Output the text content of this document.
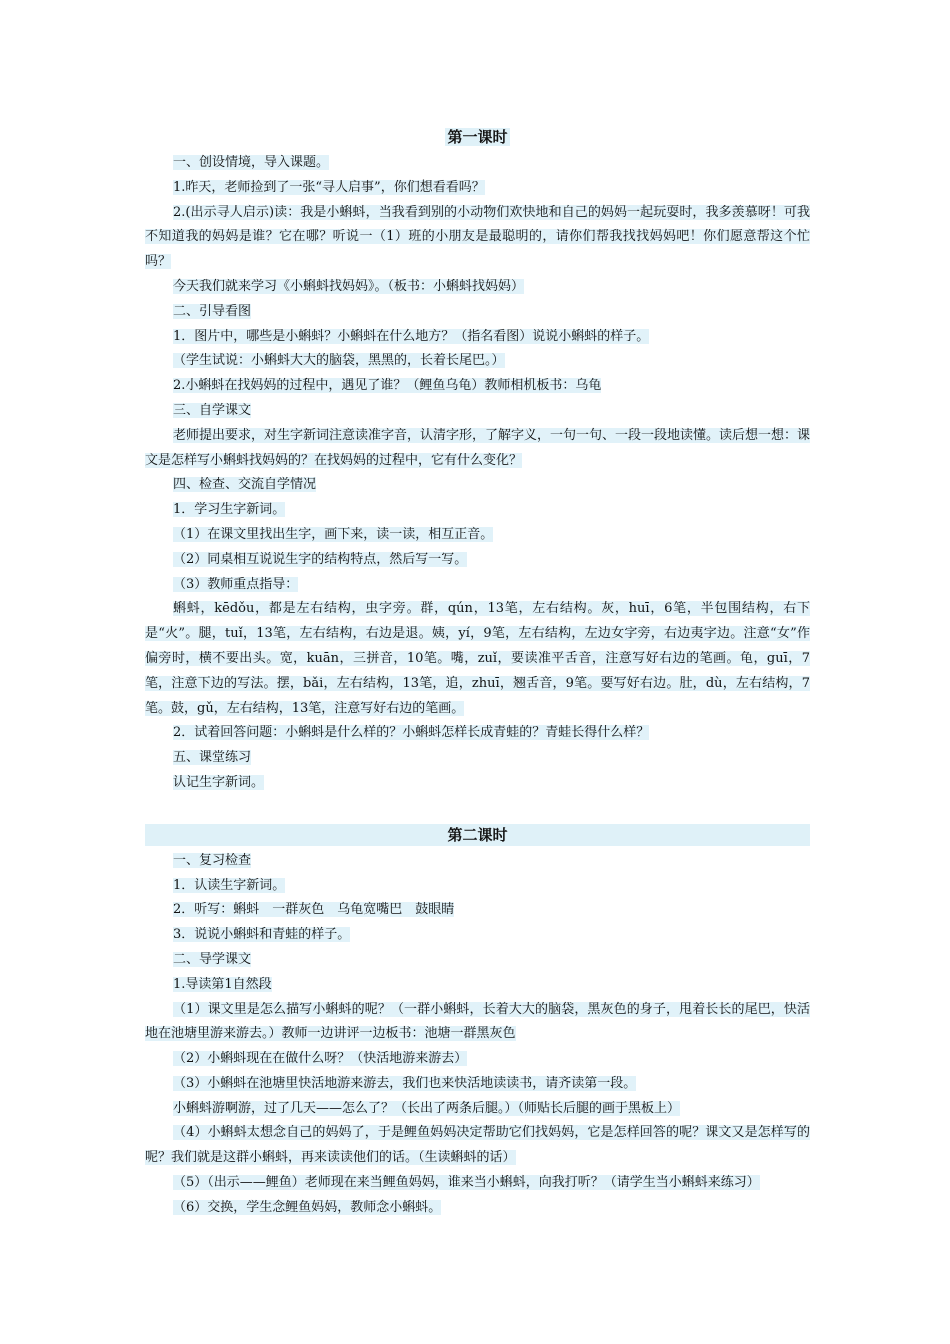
第一课时

一、创设情境，导入课题。

1.昨天，老师捡到了一张“寻人启事”，你们想看看吗？

2.(出示寻人启示)读：我是小蝌蚪，当我看到别的小动物们欢快地和自己的妈妈一起玩耍时，我多羡慕呀！可我不知道我的妈妈是谁？它在哪？听说一（1）班的小朋友是最聪明的，请你们帮我找找妈妈吧！你们愿意帮这个忙吗？

今天我们就来学习《小蝌蚪找妈妈》。（板书：小蝌蚪找妈妈）

二、引导看图

1．图片中，哪些是小蝌蚪？小蝌蚪在什么地方？（指名看图）说说小蝌蚪的样子。

（学生试说：小蝌蚪大大的脑袋，黑黑的，长着长尾巴。）

2.小蝌蚪在找妈妈的过程中，遇见了谁？（鲤鱼乌龟）教师相机板书：乌龟

三、自学课文

老师提出要求，对生字新词注意读准字音，认清字形，了解字义，一句一句、一段一段地读懂。读后想一想：课文是怎样写小蝌蚪找妈妈的？在找妈妈的过程中，它有什么变化？

四、检查、交流自学情况

1．学习生字新词。

（1）在课文里找出生字，画下来，读一读，相互正音。

（2）同桌相互说说生字的结构特点，然后写一写。

（3）教师重点指导：

蝌蚪，kēdǒu，都是左右结构，虫字旁。群，qún，13笔，左右结构。灰，huī，6笔，半包围结构，右下是“火”。腿，tuǐ，13笔，左右结构，右边是退。姨，yí，9笔，左右结构，左边女字旁，右边夷字边。注意“女”作偏旁时，横不要出头。宽，kuān，三拼音，10笔。嘴，zuǐ，要读准平舌音，注意写好右边的笔画。龟，guī，7笔，注意下边的写法。摆，bǎi，左右结构，13笔，追，zhuī，翘舌音，9笔。要写好右边。肚，dù，左右结构，7笔。鼓，gǔ，左右结构，13笔，注意写好右边的笔画。

2．试着回答问题：小蝌蚪是什么样的？小蝌蚪怎样长成青蛙的？青蛙长得什么样？

五、课堂练习

认记生字新词。

第二课时

一、复习检查

1．认读生字新词。

2．听写：蝌蚪　一群灰色　乌龟宽嘴巴　鼓眼睛

3．说说小蝌蚪和青蛙的样子。

二、导学课文

1.导读第1自然段

（1）课文里是怎么描写小蝌蚪的呢？（一群小蝌蚪，长着大大的脑袋，黑灰色的身子，甩着长长的尾巴，快活地在池塘里游来游去。）教师一边讲评一边板书：池塘一群黑灰色

（2）小蝌蚪现在在做什么呀？（快活地游来游去）

（3）小蝌蚪在池塘里快活地游来游去，我们也来快活地读读书，请齐读第一段。

小蝌蚪游啊游，过了几天——怎么了？（长出了两条后腿。）（师贴长后腿的画于黑板上）

（4）小蝌蚪太想念自己的妈妈了，于是鲤鱼妈妈决定帮助它们找妈妈，它是怎样回答的呢？课文又是怎样写的呢？我们就是这群小蝌蚪，再来读读他们的话。（生读蝌蚪的话）

（5）（出示——鲤鱼）老师现在来当鲤鱼妈妈，谁来当小蝌蚪，向我打听？（请学生当小蝌蚪来练习）

（6）交换，学生念鲤鱼妈妈，教师念小蝌蚪。
